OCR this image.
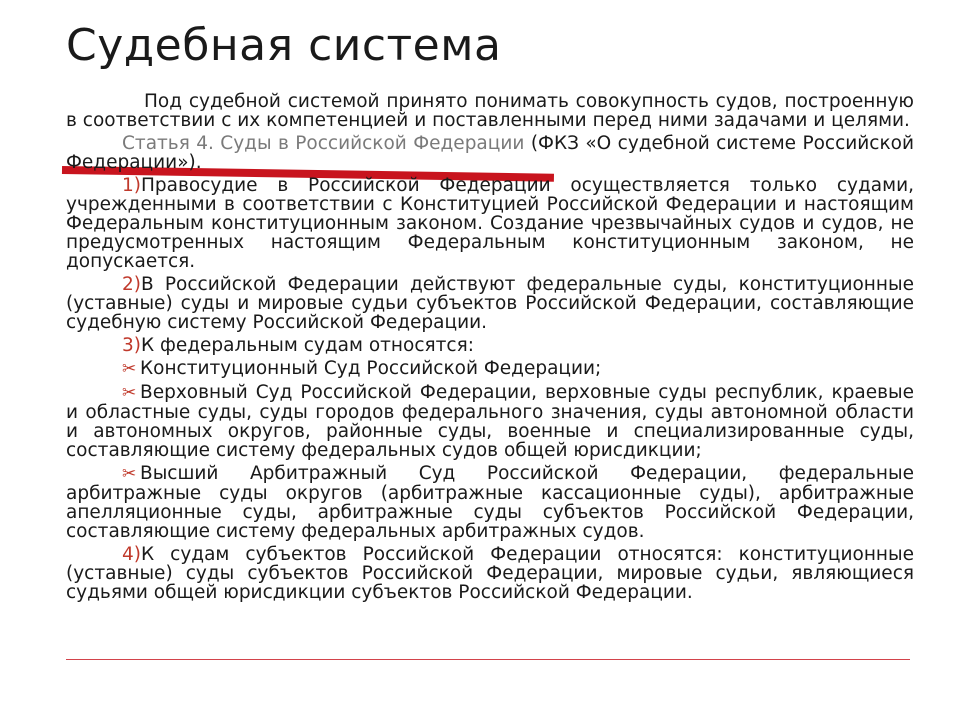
Судебная система

Под судебной системой принято понимать совокупность судов, построенную в соответствии с их компетенцией и поставленными перед ними задачами и целями.

Статья 4. Суды в Российской Федерации (ФКЗ «О судебной системе Российской Федерации»).

1)Правосудие в Российской Федерации осуществляется только судами, учрежденными в соответствии с Конституцией Российской Федерации и настоящим Федеральным конституционным законом. Создание чрезвычайных судов и судов, не предусмотренных настоящим Федеральным конституционным законом, не допускается.

2)В Российской Федерации действуют федеральные суды, конституционные (уставные) суды и мировые судьи субъектов Российской Федерации, составляющие судебную систему Российской Федерации.

3)К федеральным судам относятся:

✂ Конституционный Суд Российской Федерации;

✂ Верховный Суд Российской Федерации, верховные суды республик, краевые и областные суды, суды городов федерального значения, суды автономной области и автономных округов, районные суды, военные и специализированные суды, составляющие систему федеральных судов общей юрисдикции;

✂ Высший Арбитражный Суд Российской Федерации, федеральные арбитражные суды округов (арбитражные кассационные суды), арбитражные апелляционные суды, арбитражные суды субъектов Российской Федерации, составляющие систему федеральных арбитражных судов.

4)К судам субъектов Российской Федерации относятся: конституционные (уставные) суды субъектов Российской Федерации, мировые судьи, являющиеся судьями общей юрисдикции субъектов Российской Федерации.
